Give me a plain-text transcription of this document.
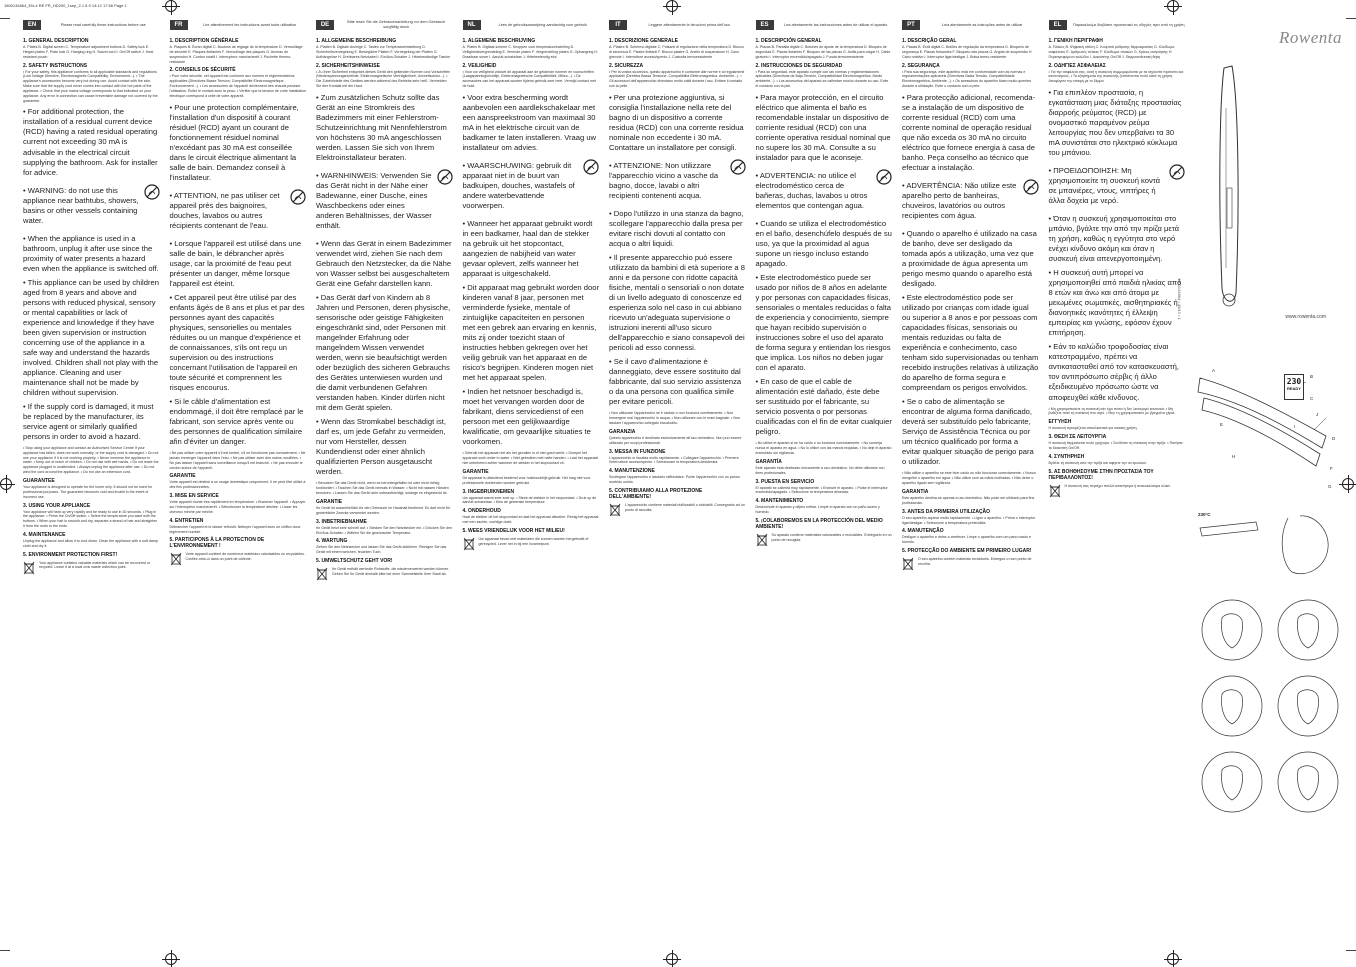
1800134664_EN-4 RE FR_HD200_1sep_2.1 8 9 14:12 17:56 Page 1
EN	Please read carefully these instructions before use
1. GENERAL DESCRIPTION
A. Plates B. Digital screen C. Temperature adjustment buttons D. Safety lock E. Hinged plates F. Plate lock G. Hanging ring H. Swivel cord I. On/Off switch J. Heat resistant pouch
2. SAFETY INSTRUCTIONS
• For your safety, this appliance conforms to all applicable standards and regulations (Low Voltage Directive, Electromagnetic Compatibility, Environment...). • The appliance's accessories become very hot during use. Avoid contact with the skin. Make sure that the supply cord never comes into contact with the hot parts of the appliance. • Check that your mains voltage corresponds to that indicated on your appliance. Any error in connection can cause irreversible damage not covered by the guarantee.
• For additional protection, the installation of a residual current device (RCD) having a rated residual operating current not exceeding 30 mA is advisable in the electrical circuit supplying the bathroom. Ask for installer for advice.
• WARNING: do not use this appliance near bathtubs, showers, basins or other vessels containing water.
• When the appliance is used in a bathroom, unplug it after use since the proximity of water presents a hazard even when the appliance is switched off.
• This appliance can be used by children aged from 8 years and above and persons with reduced physical, sensory or mental capabilities or lack of experience and knowledge if they have been given supervision or instruction concerning use of the appliance in a safe way and understand the hazards involved. Children shall not play with the appliance. Cleaning and user maintenance shall not be made by children without supervision.
• If the supply cord is damaged, it must be replaced by the manufacturer, its service agent or similarly qualified persons in order to avoid a hazard.
• Stop using your appliance and contact an Authorised Service Centre if your appliance has fallen, does not work normally, or the supply cord is damaged. • Do not use your appliance if it is not working properly. • Never immerse the appliance in water. • Keep out of reach of children. • Do not use with wet hands. • Do not leave the appliance plugged in unattended. • Always unplug the appliance after use. • Do not wind the cord around the appliance. • Do not use an extension cord.
GUARANTEE
Your appliance is designed to operate for the home only. It should not be used for professional purposes. The guarantee becomes void and invalid in the event of incorrect use.
3. USING YOUR APPLIANCE
Your appliance will heat up very rapidly and be ready to use in 30 seconds. • Plug in the appliance. • Press the On/Off switch. • Select the temperature you want with the buttons. • When your hair is smooth and dry, separate a strand of hair and straighten it from the roots to the ends.
4. MAINTENANCE
Unplug the appliance and allow it to cool down. Clean the appliance with a soft damp cloth and dry it.
5. ENVIRONMENT PROTECTION FIRST!
Your appliance contains valuable materials which can be recovered or recycled. Leave it at a local civic waste collection point.
FR	Lire attentivement les instructions avant toute utilisation
1. DESCRIPTION GÉNÉRALE
A. Plaques B. Écran digital C. Boutons de réglage de la température D. Verrouillage de sécurité E. Plaques flottantes F. Verrouillage des plaques G. Anneau de suspension H. Cordon rotatif I. Interrupteur marche/arrêt J. Pochette thermo-résistante
2. CONSEILS DE SÉCURITÉ
• Pour votre sécurité, cet appareil est conforme aux normes et réglementations applicables (Directives Basse Tension, Compatibilité Electromagnétique, Environnement...). • Les accessoires de l'appareil deviennent très chauds pendant l'utilisation. Éviter le contact avec la peau. • Vérifier que la tension de votre installation électrique correspond à celle de votre appareil.
• Pour une protection complémentaire, l'installation d'un dispositif à courant résiduel (RCD) ayant un courant de fonctionnement résiduel nominal n'excédant pas 30 mA est conseillée dans le circuit électrique alimentant la salle de bain. Demandez conseil à l'installateur.
• ATTENTION, ne pas utiliser cet appareil près des baignoires, douches, lavabos ou autres récipients contenant de l'eau.
• Lorsque l'appareil est utilisé dans une salle de bain, le débrancher après usage, car la proximité de l'eau peut présenter un danger, même lorsque l'appareil est éteint.
• Cet appareil peut être utilisé par des enfants âgés de 8 ans et plus et par des personnes ayant des capacités physiques, sensorielles ou mentales réduites ou un manque d'expérience et de connaissances, s'ils ont reçu un supervision ou des instructions concernant l'utilisation de l'appareil en toute sécurité et comprennent les risques encourus.
• Si le câble d'alimentation est endommagé, il doit être remplacé par le fabricant, son service après vente ou des personnes de qualification similaire afin d'éviter un danger.
• Ne pas utiliser votre appareil s'il est tombé, s'il ne fonctionne pas normalement. • Ne jamais immerger l'appareil dans l'eau. • Ne pas utiliser avec des mains mouillées. • Ne pas laisser l'appareil sans surveillance lorsqu'il est branché. • Ne pas enrouler le cordon autour de l'appareil.
GARANTIE
Votre appareil est destiné à un usage domestique uniquement. Il ne peut être utilisé à des fins professionnelles.
3. MISE EN SERVICE
Votre appareil monte très rapidement en température. • Brancher l'appareil. • Appuyer sur l'interrupteur marche/arrêt. • Sélectionner la température désirée. • Lisser les cheveux mèche par mèche.
4. ENTRETIEN
Débrancher l'appareil et le laisser refroidir. Nettoyer l'appareil avec un chiffon doux légèrement humide.
5. PARTICIPONS À LA PROTECTION DE L'ENVIRONNEMENT !
Votre appareil contient de nombreux matériaux valorisables ou recyclables. Confiez celui-ci dans un point de collecte.
DE	Bitte lesen Sie die Gebrauchsanleitung vor dem Gebrauch sorgfältig durch
1. ALLGEMEINE BESCHREIBUNG
A. Platten B. Digitale Anzeige C. Tasten zur Temperatureinstellung D. Sicherheitsverriegelung E. Bewegliche Platten F. Verriegelung der Platten G. Aufhängeöse H. Drehbares Netzkabel I. Ein/Aus-Schalter J. Hitzebeständige Tasche
2. SICHERHEITSHINWEISE
• Zu Ihrer Sicherheit entspricht dieses Gerät den geltenden Normen und Vorschriften (Niederspannungsrichtlinie, Elektromagnetische Verträglichkeit, Umweltschutz...). • Die Zubehörteile des Gerätes werden während des Betriebs sehr heiß. Vermeiden Sie den Kontakt mit der Haut.
• Zum zusätzlichen Schutz sollte das Gerät an eine Stromkreis des Badezimmers mit einer Fehlerstrom-Schutzeinrichtung mit Nennfehlerstrom von höchstens 30 mA angeschlossen werden. Lassen Sie sich von Ihrem Elektroinstallateur beraten.
• WARNHINWEIS: Verwenden Sie das Gerät nicht in der Nähe einer Badewanne, einer Dusche, eines Waschbeckens oder eines anderen Behältnisses, der Wasser enthält.
• Wenn das Gerät in einem Badezimmer verwendet wird, ziehen Sie nach dem Gebrauch den Netzstecker, da die Nähe von Wasser selbst bei ausgeschaltetem Gerät eine Gefahr darstellen kann.
• Das Gerät darf von Kindern ab 8 Jahren und Personen, deren physische, sensorische oder geistige Fähigkeiten eingeschränkt sind, oder Personen mit mangelnder Erfahrung oder mangelndem Wissen verwendet werden, wenn sie beaufsichtigt werden oder bezüglich des sicheren Gebrauchs des Gerätes unterwiesen wurden und die damit verbundenen Gefahren verstanden haben. Kinder dürfen nicht mit dem Gerät spielen.
• Wenn das Stromkabel beschädigt ist, darf es, um jede Gefahr zu vermeiden, nur vom Hersteller, dessen Kundendienst oder einer ähnlich qualifizierten Person ausgetauscht werden.
• Benutzen Sie das Gerät nicht, wenn es heruntergefallen ist oder nicht richtig funktioniert. • Tauchen Sie das Gerät niemals in Wasser. • Nicht mit nassen Händen benutzen. • Lassen Sie das Gerät nicht unbeaufsichtigt, solange es eingesteckt ist.
GARANTIE
Ihr Gerät ist ausschließlich für den Gebrauch im Haushalt bestimmt. Es darf nicht für gewerbliche Zwecke verwendet werden.
3. INBETRIEBNAHME
Ihr Gerät heizt sehr schnell auf. • Stecken Sie den Netzstecker ein. • Drücken Sie den Ein/Aus-Schalter. • Wählen Sie die gewünschte Temperatur.
4. WARTUNG
Ziehen Sie den Netzstecker und lassen Sie das Gerät abkühlen. Reinigen Sie das Gerät mit einem weichen, feuchten Tuch.
5. UMWELTSCHUTZ GEHT VOR!
Ihr Gerät enthält wertvolle Rohstoffe, die wiederverwertet werden können. Geben Sie Ihr Gerät deshalb bitte bei einer Sammelstelle Ihrer Stadt ab.
NL	Lees de gebruiksaanwijzing aandachtig voor gebruik
1. ALGEMENE BESCHRIJVING
A. Platen B. Digitaal scherm C. Knoppen voor temperatuurinstelling D. Veiligheidsvergrendeling E. Verende platen F. Vergrendeling platen G. Ophangring H. Draaibaar snoer I. Aan/uit-schakelaar J. Hittebestendig etui
2. VEILIGHEID
• Voor uw veiligheid voldoet dit apparaat aan de geldende normen en voorschriften (Laagspanningsrichtlijn, Elektromagnetische Compatibiliteit, Milieu...). • De accessoires van het apparaat worden tijdens gebruik zeer heet. Vermijd contact met de huid.
• Voor extra bescherming wordt aanbevolen een aardlekschakelaar met een aanspreekstroom van maximaal 30 mA in het elektrische circuit van de badkamer te laten installeren. Vraag uw installateur om advies.
• WAARSCHUWING: gebruik dit apparaat niet in de buurt van badkuipen, douches, wastafels of andere waterbevattende voorwerpen.
• Wanneer het apparaat gebruikt wordt in een badkamer, haal dan de stekker na gebruik uit het stopcontact, aangezien de nabijheid van water gevaar oplevert, zelfs wanneer het apparaat is uitgeschakeld.
• Dit apparaat mag gebruikt worden door kinderen vanaf 8 jaar, personen met verminderde fysieke, mentale of zintuiglijke capaciteiten en personen met een gebrek aan ervaring en kennis, mits zij onder toezicht staan of instructies hebben gekregen over het veilig gebruik van het apparaat en de risico's begrijpen. Kinderen mogen niet met het apparaat spelen.
• Indien het netsnoer beschadigd is, moet het vervangen worden door de fabrikant, diens servicedienst of een persoon met een gelijkwaardige kwalificatie, om gevaarlijke situaties te voorkomen.
• Gebruik het apparaat niet als het gevallen is of niet goed werkt. • Dompel het apparaat nooit onder in water. • Niet gebruiken met natte handen. • Laat het apparaat niet onbeheerd achter wanneer de stekker in het stopcontact zit.
GARANTIE
Dit apparaat is uitsluitend bestemd voor huishoudelijk gebruik. Het mag niet voor professionele doeleinden worden gebruikt.
3. INGEBRUIKNEMEN
Uw apparaat warmt zeer snel op. • Steek de stekker in het stopcontact. • Druk op de aan/uit-schakelaar. • Kies de gewenste temperatuur.
4. ONDERHOUD
Haal de stekker uit het stopcontact en laat het apparaat afkoelen. Reinig het apparaat met een zachte, vochtige doek.
5. WEES VRIENDELIJK VOOR HET MILIEU!
Uw apparaat bevat veel materialen die kunnen worden hergebruikt of gerecycled. Lever het in bij een inzamelpunt.
IT	Leggere attentamente le istruzioni prima dell'uso
1. DESCRIZIONE GENERALE
A. Piastre B. Schermo digitale C. Pulsanti di regolazione della temperatura D. Blocco di sicurezza E. Piastre flottanti F. Blocco piastre G. Anello di sospensione H. Cavo girevole I. Interruttore acceso/spento J. Custodia termoresistente
2. SICUREZZA
• Per la vostra sicurezza, questo apparecchio è conforme alle norme e ai regolamenti applicabili (Direttiva Bassa Tensione, Compatibilità Elettromagnetica, Ambiente...). • Gli accessori dell'apparecchio diventano molto caldi durante l'uso. Evitare il contatto con la pelle.
• Per una protezione aggiuntiva, si consiglia l'installazione nella rete del bagno di un dispositivo a corrente residua (RCD) con una corrente residua nominale non eccedente i 30 mA. Contattare un installatore per consigli.
• ATTENZIONE: Non utilizzare l'apparecchio vicino a vasche da bagno, docce, lavabi o altri recipienti contenenti acqua.
• Dopo l'utilizzo in una stanza da bagno, scollegare l'apparecchio dalla presa per evitare rischi dovuti al contatto con acqua o altri liquidi.
• Il presente apparecchio può essere utilizzato da bambini di età superiore a 8 anni e da persone con ridotte capacità fisiche, mentali o sensoriali o non dotate di un livello adeguato di conoscenze ed esperienza solo nel caso in cui abbiano ricevuto un'adeguata supervisione o istruzioni inerenti all'uso sicuro dell'apparecchio e siano consapevoli dei pericoli ad esso connessi.
• Se il cavo d'alimentazione è danneggiato, deve essere sostituito dal fabbricante, dal suo servizio assistenza o da una persona con qualifica simile per evitare pericoli.
• Non utilizzare l'apparecchio se è caduto o non funziona correttamente. • Non immergere mai l'apparecchio in acqua. • Non utilizzare con le mani bagnate. • Non lasciare l'apparecchio collegato incustodito.
GARANZIA
Questo apparecchio è destinato esclusivamente all'uso domestico. Non può essere utilizzato per scopi professionali.
3. MESSA IN FUNZIONE
L'apparecchio si riscalda molto rapidamente. • Collegare l'apparecchio. • Premere l'interruttore acceso/spento. • Selezionare la temperatura desiderata.
4. MANUTENZIONE
Scollegare l'apparecchio e lasciarlo raffreddare. Pulire l'apparecchio con un panno morbido umido.
5. CONTRIBUIAMO ALLA PROTEZIONE DELL'AMBIENTE!
L'apparecchio contiene materiali riutilizzabili o riciclabili. Consegnarlo ad un punto di raccolta.
ES	Lea atentamente las instrucciones antes de utilizar el aparato
1. DESCRIPCIÓN GENERAL
A. Placas B. Pantalla digital C. Botones de ajuste de la temperatura D. Bloqueo de seguridad E. Placas flotantes F. Bloqueo de las placas G. Anilla para colgar H. Cable giratorio I. Interruptor encendido/apagado J. Funda termorresistente
2. INSTRUCCIONES DE SEGURIDAD
• Para su seguridad, este aparato cumple con las normas y reglamentaciones aplicables (Directivas de Baja Tensión, Compatibilidad Electromagnética, Medio ambiente...). • Los accesorios del aparato se calientan mucho durante su uso. Evite el contacto con la piel.
• Para mayor protección, en el circuito eléctrico que alimenta el baño es recomendable instalar un dispositivo de corriente residual (RCD) con una corriente operativa residual nominal que no supere los 30 mA. Consulte a su instalador para que le aconseje.
• ADVERTENCIA: no utilice el electrodoméstico cerca de bañeras, duchas, lavabos u otros elementos que contengan agua.
• Cuando se utiliza el electrodoméstico en el baño, desenchúfelo después de su uso, ya que la proximidad al agua supone un riesgo incluso estando apagado.
• Este electrodoméstico puede ser usado por niños de 8 años en adelante y por personas con capacidades físicas, sensoriales o mentales reducidas o falta de experiencia y conocimiento, siempre que hayan recibido supervisión o instrucciones sobre el uso del aparato de forma segura y entiendan los riesgos que implica. Los niños no deben jugar con el aparato.
• En caso de que el cable de alimentación esté dañado, éste debe ser sustituido por el fabricante, su servicio posventa o por personas cualificadas con el fin de evitar cualquier peligro.
• No utilice el aparato si se ha caído o no funciona correctamente. • No sumerja nunca el aparato en agua. • No lo utilice con las manos mojadas. • No deje el aparato enchufado sin vigilancia.
GARANTÍA
Este aparato está destinado únicamente a uso doméstico. No debe utilizarse con fines profesionales.
3. PUESTA EN SERVICIO
El aparato se calienta muy rápidamente. • Enchufe el aparato. • Pulse el interruptor encendido/apagado. • Seleccione la temperatura deseada.
4. MANTENIMIENTO
Desenchufe el aparato y déjelo enfriar. Limpie el aparato con un paño suave y húmedo.
5. ¡COLABOREMOS EN LA PROTECCIÓN DEL MEDIO AMBIENTE!
Su aparato contiene materiales valorizables o reciclables. Entréguelo en un punto de recogida.
PT	Leia atentamente as instruções antes de utilizar
1. DESCRIÇÃO GERAL
A. Placas B. Ecrã digital C. Botões de regulação da temperatura D. Bloqueio de segurança E. Placas flutuantes F. Bloqueio das placas G. Argola de suspensão H. Cabo rotativo I. Interruptor ligar/desligar J. Bolsa termo-resistente
2. SEGURANÇA
• Para sua segurança, este aparelho está em conformidade com as normas e regulamentações aplicáveis (Directivas Baixa Tensão, Compatibilidade Electromagnética, Ambiente...). • Os acessórios do aparelho ficam muito quentes durante a utilização. Evite o contacto com a pele.
• Para protecção adicional, recomenda-se a instalação de um dispositivo de corrente residual (RCD) com uma corrente nominal de operação residual que não exceda os 30 mA no circuito eléctrico que fornece energia à casa de banho. Peça conselho ao técnico que efectuar a instalação.
• ADVERTÊNCIA: Não utilize este aparelho perto de banheiras, chuveiros, lavatórios ou outros recipientes com água.
• Quando o aparelho é utilizado na casa de banho, deve ser desligado da tomada após a utilização, uma vez que a proximidade de água apresenta um perigo mesmo quando o aparelho está desligado.
• Este electrodoméstico pode ser utilizado por crianças com idade igual ou superior a 8 anos e por pessoas com capacidades físicas, sensoriais ou mentais reduzidas ou falta de experiência e conhecimento, caso tenham sido supervisionadas ou tenham recebido instruções relativas à utilização do aparelho de forma segura e compreendam os perigos envolvidos.
• Se o cabo de alimentação se encontrar de alguma forma danificado, deverá ser substituído pelo fabricante, Serviço de Assistência Técnica ou por um técnico qualificado por forma a evitar qualquer situação de perigo para o utilizador.
• Não utilize o aparelho se este tiver caído ou não funcionar correctamente. • Nunca mergulhe o aparelho em água. • Não utilize com as mãos molhadas. • Não deixe o aparelho ligado sem vigilância.
GARANTIA
Este aparelho destina-se apenas a uso doméstico. Não pode ser utilizado para fins profissionais.
3. ANTES DA PRIMEIRA UTILIZAÇÃO
O seu aparelho aquece muito rapidamente. • Ligue o aparelho. • Prima o interruptor ligar/desligar. • Seleccione a temperatura pretendida.
4. MANUTENÇÃO
Desligue o aparelho e deixe-o arrefecer. Limpe o aparelho com um pano macio e húmido.
5. PROTECÇÃO DO AMBIENTE EM PRIMEIRO LUGAR!
O seu aparelho contém materiais recicláveis. Entregue-o num ponto de recolha.
EL	Παρακαλούμε διαβάστε προσεκτικά τις οδηγίες πριν από τη χρήση
1. ΓΕΝΙΚΗ ΠΕΡΙΓΡΑΦΗ
A. Πλάκες B. Ψηφιακή οθόνη C. Κουμπιά ρύθμισης θερμοκρασίας D. Κλείδωμα ασφαλείας E. Αρθρωτές πλάκες F. Κλείδωμα πλακών G. Κρίκος ανάρτησης H. Περιστρεφόμενο καλώδιο I. Διακόπτης On/Off J. Θερμοανθεκτική θήκη
2. ΟΔΗΓΙΕΣ ΑΣΦΑΛΕΙΑΣ
• Για την ασφάλειά σας, αυτή η συσκευή συμμορφώνεται με τα ισχύοντα πρότυπα και κανονισμούς. • Τα εξαρτήματα της συσκευής ζεσταίνονται πολύ κατά τη χρήση. Αποφύγετε την επαφή με το δέρμα.
• Για επιπλέον προστασία, η εγκατάσταση μιας διάταξης προστασίας διαρροής ρεύματος (RCD) με ονομαστικό παραμένον ρεύμα λειτουργίας που δεν υπερβαίνει τα 30 mA συνιστάται στο ηλεκτρικό κύκλωμα του μπάνιου.
• ΠΡΟΕΙΔΟΠΟΙΗΣΗ: Μη χρησιμοποιείτε τη συσκευή κοντά σε μπανιέρες, ντους, νιπτήρες ή άλλα δοχεία με νερό.
• Όταν η συσκευή χρησιμοποιείται στο μπάνιο, βγάλτε την από την πρίζα μετά τη χρήση, καθώς η εγγύτητα στο νερό ενέχει κίνδυνο ακόμη και όταν η συσκευή είναι απενεργοποιημένη.
• Η συσκευή αυτή μπορεί να χρησιμοποιηθεί από παιδιά ηλικίας από 8 ετών και άνω και από άτομα με μειωμένες σωματικές, αισθητηριακές ή διανοητικές ικανότητες ή έλλειψη εμπειρίας και γνώσης, εφόσον έχουν επιτήρηση.
• Εάν το καλώδιο τροφοδοσίας είναι κατεστραμμένο, πρέπει να αντικατασταθεί από τον κατασκευαστή, τον αντιπρόσωπο σέρβις ή άλλο εξειδικευμένο πρόσωπο ώστε να αποφευχθεί κάθε κίνδυνος.
• Μη χρησιμοποιείτε τη συσκευή εάν έχει πέσει ή δεν λειτουργεί κανονικά. • Μη βυθίζετε ποτέ τη συσκευή στο νερό. • Μην τη χρησιμοποιείτε με βρεγμένα χέρια.
ΕΓΓΥΗΣΗ
Η συσκευή προορίζεται αποκλειστικά για οικιακή χρήση.
3. ΘΕΣΗ ΣΕ ΛΕΙΤΟΥΡΓΙΑ
Η συσκευή θερμαίνεται πολύ γρήγορα. • Συνδέστε τη συσκευή στην πρίζα. • Πατήστε το διακόπτη On/Off.
4. ΣΥΝΤΗΡΗΣΗ
Βγάλτε τη συσκευή από την πρίζα και αφήστε την να κρυώσει.
5. ΑΣ ΒΟΗΘΗΣΟΥΜΕ ΣΤΗΝ ΠΡΟΣΤΑΣΙΑ ΤΟΥ ΠΕΡΙΒΑΛΛΟΝΤΟΣ!
Η συσκευή σας περιέχει πολλά ανακτήσιμα ή ανακυκλώσιμα υλικά.
Rowenta
1800134664 • 45/13 • 1	www.rowenta.com
230
READY
A
B
C
D
E
F
G
H
I
J
230°C
